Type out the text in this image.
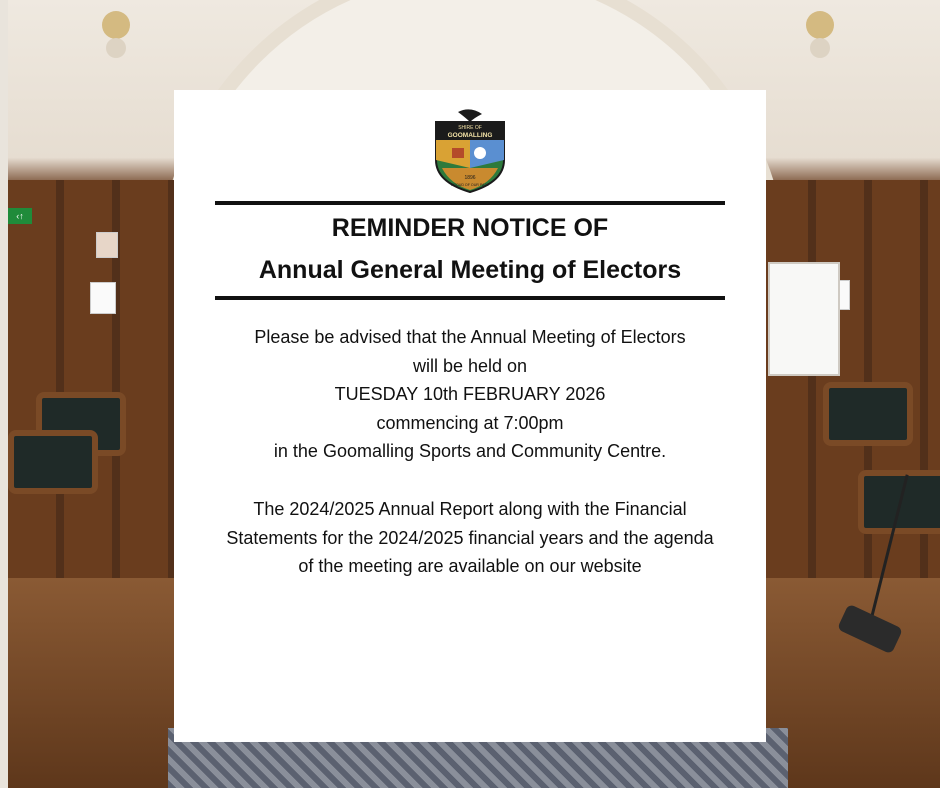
‹↑
SHIRE OF
GOOMALLING
1896
PROUD OF OUR PAST
REMINDER NOTICE OF
Annual General Meeting of Electors
Please be advised that the Annual Meeting of Electors
will be held on
TUESDAY 10th FEBRUARY 2026
commencing at 7:00pm
in the Goomalling Sports and Community Centre.
The 2024/2025 Annual Report along with the Financial
Statements for the 2024/2025 financial years and the agenda
of the meeting are available on our website
